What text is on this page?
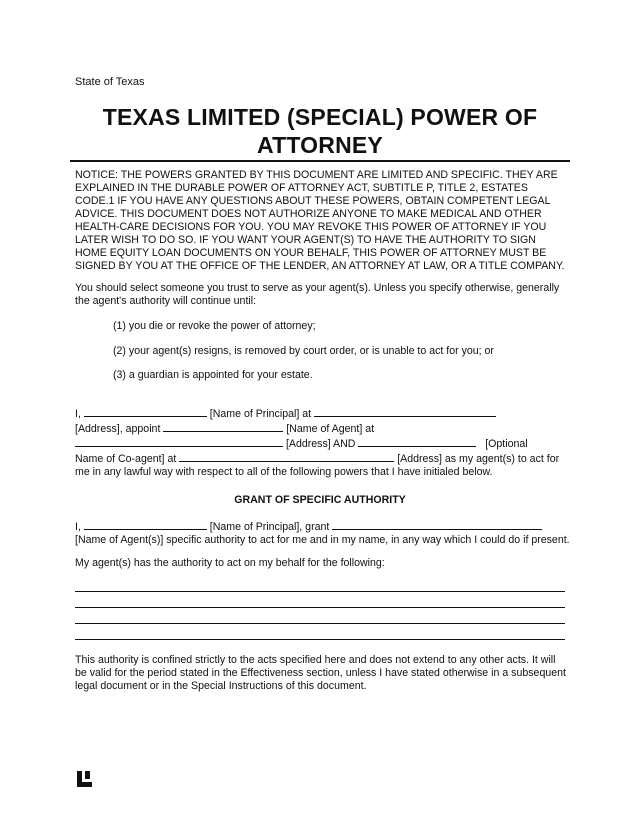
State of Texas
TEXAS LIMITED (SPECIAL) POWER OF ATTORNEY
NOTICE: THE POWERS GRANTED BY THIS DOCUMENT ARE LIMITED AND SPECIFIC. THEY ARE EXPLAINED IN THE DURABLE POWER OF ATTORNEY ACT, SUBTITLE P, TITLE 2, ESTATES CODE.1 IF YOU HAVE ANY QUESTIONS ABOUT THESE POWERS, OBTAIN COMPETENT LEGAL ADVICE. THIS DOCUMENT DOES NOT AUTHORIZE ANYONE TO MAKE MEDICAL AND OTHER HEALTH-CARE DECISIONS FOR YOU. YOU MAY REVOKE THIS POWER OF ATTORNEY IF YOU LATER WISH TO DO SO. IF YOU WANT YOUR AGENT(S) TO HAVE THE AUTHORITY TO SIGN HOME EQUITY LOAN DOCUMENTS ON YOUR BEHALF, THIS POWER OF ATTORNEY MUST BE SIGNED BY YOU AT THE OFFICE OF THE LENDER, AN ATTORNEY AT LAW, OR A TITLE COMPANY.
You should select someone you trust to serve as your agent(s). Unless you specify otherwise, generally the agent's authority will continue until:
(1) you die or revoke the power of attorney;
(2) your agent(s) resigns, is removed by court order, or is unable to act for you; or
(3) a guardian is appointed for your estate.
I,	[Name of Principal] at
[Address], appoint	[Name of Agent] at
[Address] AND	[Optional
Name of Co-agent] at	[Address] as my agent(s) to act for
me in any lawful way with respect to all of the following powers that I have initialed below.
GRANT OF SPECIFIC AUTHORITY
I,	[Name of Principal], grant
[Name of Agent(s)] specific authority to act for me and in my name, in any way which I could do if present.
My agent(s) has the authority to act on my behalf for the following:
This authority is confined strictly to the acts specified here and does not extend to any other acts. It will be valid for the period stated in the Effectiveness section, unless I have stated otherwise in a subsequent legal document or in the Special Instructions of this document.
